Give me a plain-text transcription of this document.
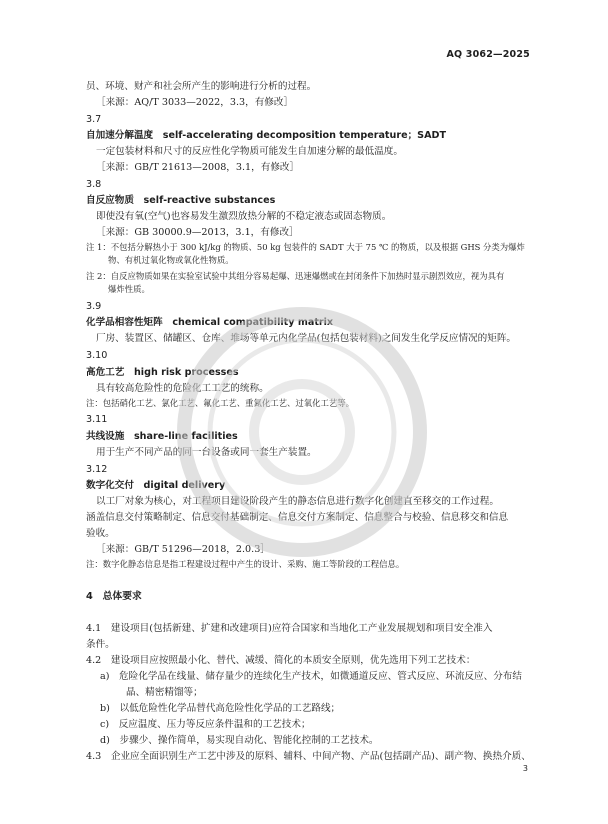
AQ 3062—2025
员、环境、财产和社会所产生的影响进行分析的过程。
［来源：AQ/T 3033—2022，3.3，有修改］
3.7
自加速分解温度　self-accelerating decomposition temperature；SADT
一定包装材料和尺寸的反应性化学物质可能发生自加速分解的最低温度。
［来源：GB/T 21613—2008，3.1，有修改］
3.8
自反应物质　self-reactive substances
即使没有氧(空气)也容易发生激烈放热分解的不稳定液态或固态物质。
［来源：GB 30000.9—2013，3.1，有修改］
注 1：不包括分解热小于 300 kJ/kg 的物质、50 kg 包装件的 SADT 大于 75 ℃ 的物质，以及根据 GHS 分类为爆炸
物、有机过氧化物或氧化性物质。
注 2：自反应物质如果在实验室试验中其组分容易起爆、迅速爆燃或在封闭条件下加热时显示剧烈效应，视为具有
爆炸性质。
3.9
化学品相容性矩阵　chemical compatibility matrix
厂房、装置区、储罐区、仓库、堆场等单元内化学品(包括包装材料)之间发生化学反应情况的矩阵。
3.10
高危工艺　high risk processes
具有较高危险性的危险化工工艺的统称。
注：包括硝化工艺、氯化工艺、氟化工艺、重氮化工艺、过氧化工艺等。
3.11
共线设施　share-line facilities
用于生产不同产品的同一台设备或同一套生产装置。
3.12
数字化交付　digital delivery
以工厂对象为核心，对工程项目建设阶段产生的静态信息进行数字化创建直至移交的工作过程。
涵盖信息交付策略制定、信息交付基础制定、信息交付方案制定、信息整合与校验、信息移交和信息
验收。
［来源：GB/T 51296—2018，2.0.3］
注：数字化静态信息是指工程建设过程中产生的设计、采购、施工等阶段的工程信息。
4　总体要求
4.1　建设项目(包括新建、扩建和改建项目)应符合国家和当地化工产业发展规划和项目安全准入
条件。
4.2　建设项目应按照最小化、替代、减缓、简化的本质安全原则，优先选用下列工艺技术：
a)　危险化学品在线量、储存量少的连续化生产技术，如微通道反应、管式反应、环流反应、分布结
晶、精密精馏等；
b)　以低危险性化学品替代高危险性化学品的工艺路线；
c)　反应温度、压力等反应条件温和的工艺技术；
d)　步骤少、操作简单，易实现自动化、智能化控制的工艺技术。
4.3　企业应全面识别生产工艺中涉及的原料、辅料、中间产物、产品(包括副产品)、副产物、换热介质、
3
